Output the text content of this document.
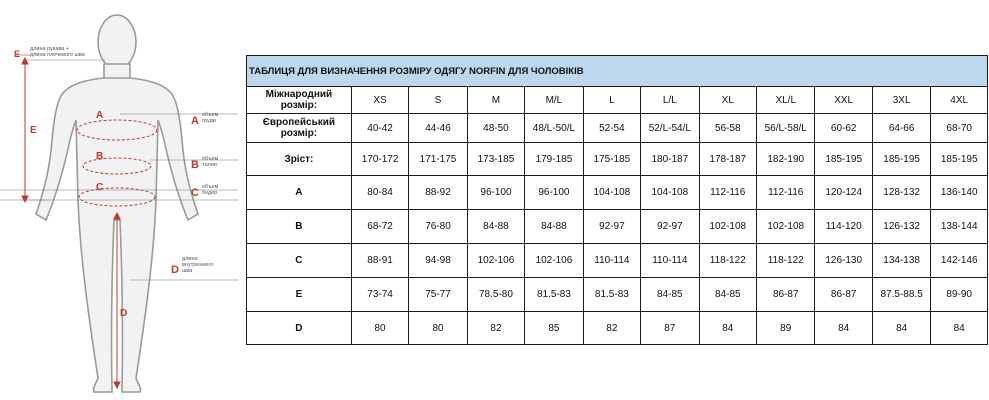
E длина рукава +
длина плечевого шва
E
A
B
C
A объем
груди
B объем
талии
C объем
бедер
D
длина
внутреннего
шва
D
ТАБЛИЦЯ ДЛЯ ВИЗНАЧЕННЯ РОЗМІРУ ОДЯГУ NORFIN ДЛЯ ЧОЛОВІКІВ											
Міжнародний розмір:	XS	S	M	M/L	L	L/L	XL	XL/L	XXL	3XL	4XL
Європейський розмір:	40-42	44-46	48-50	48/L-50/L	52-54	52/L-54/L	56-58	56/L-58/L	60-62	64-66	68-70
Зріст:	170-172	171-175	173-185	179-185	175-185	180-187	178-187	182-190	185-195	185-195	185-195
A	80-84	88-92	96-100	96-100	104-108	104-108	112-116	112-116	120-124	128-132	136-140
B	68-72	76-80	84-88	84-88	92-97	92-97	102-108	102-108	114-120	126-132	138-144
C	88-91	94-98	102-106	102-106	110-114	110-114	118-122	118-122	126-130	134-138	142-146
E	73-74	75-77	78.5-80	81.5-83	81.5-83	84-85	84-85	86-87	86-87	87.5-88.5	89-90
D	80	80	82	85	82	87	84	89	84	84	84
